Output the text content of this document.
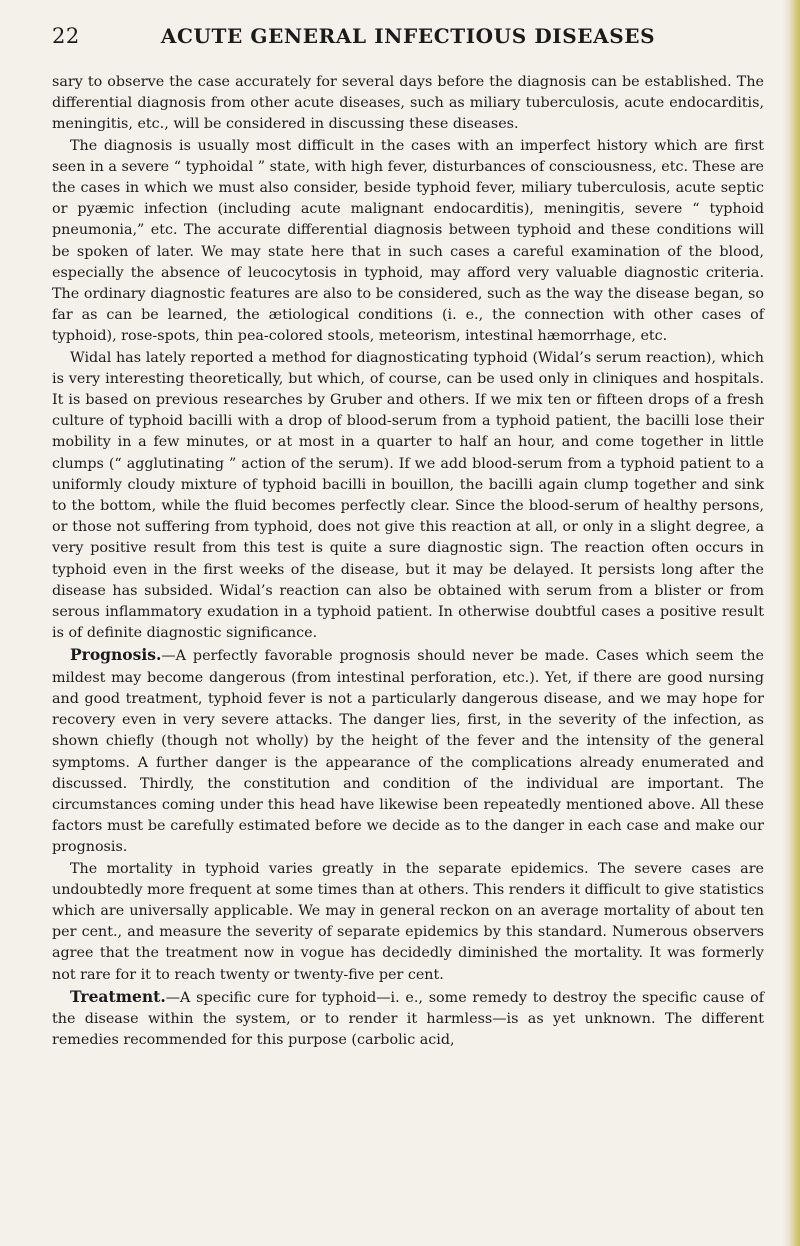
22	ACUTE GENERAL INFECTIOUS DISEASES

sary to observe the case accurately for several days before the diagnosis can be established. The differential diagnosis from other acute diseases, such as miliary tuberculosis, acute endocarditis, meningitis, etc., will be considered in discussing these diseases.

The diagnosis is usually most difficult in the cases with an imperfect history which are first seen in a severe “ typhoidal ” state, with high fever, disturbances of consciousness, etc. These are the cases in which we must also consider, beside typhoid fever, miliary tuberculosis, acute septic or pyæmic infection (including acute malignant endocarditis), meningitis, severe “ typhoid pneumonia,” etc. The accurate differential diagnosis between typhoid and these conditions will be spoken of later. We may state here that in such cases a careful examination of the blood, especially the absence of leucocytosis in typhoid, may afford very valuable diagnostic criteria. The ordinary diagnostic features are also to be considered, such as the way the disease began, so far as can be learned, the ætiological conditions (i. e., the connection with other cases of typhoid), rose-spots, thin pea-colored stools, meteorism, intestinal hæmorrhage, etc.

Widal has lately reported a method for diagnosticating typhoid (Widal’s serum reaction), which is very interesting theoretically, but which, of course, can be used only in cliniques and hospitals. It is based on previous researches by Gruber and others. If we mix ten or fifteen drops of a fresh culture of typhoid bacilli with a drop of blood-serum from a typhoid patient, the bacilli lose their mobility in a few minutes, or at most in a quarter to half an hour, and come together in little clumps (“ agglutinating ” action of the serum). If we add blood-serum from a typhoid patient to a uniformly cloudy mixture of typhoid bacilli in bouillon, the bacilli again clump together and sink to the bottom, while the fluid becomes perfectly clear. Since the blood-serum of healthy persons, or those not suffering from typhoid, does not give this reaction at all, or only in a slight degree, a very positive result from this test is quite a sure diagnostic sign. The reaction often occurs in typhoid even in the first weeks of the disease, but it may be delayed. It persists long after the disease has subsided. Widal’s reaction can also be obtained with serum from a blister or from serous inflammatory exudation in a typhoid patient. In otherwise doubtful cases a positive result is of definite diagnostic significance.

Prognosis.—A perfectly favorable prognosis should never be made. Cases which seem the mildest may become dangerous (from intestinal perforation, etc.). Yet, if there are good nursing and good treatment, typhoid fever is not a particularly dangerous disease, and we may hope for recovery even in very severe attacks. The danger lies, first, in the severity of the infection, as shown chiefly (though not wholly) by the height of the fever and the intensity of the general symptoms. A further danger is the appearance of the complications already enumerated and discussed. Thirdly, the constitution and condition of the individual are important. The circumstances coming under this head have likewise been repeatedly mentioned above. All these factors must be carefully estimated before we decide as to the danger in each case and make our prognosis.

The mortality in typhoid varies greatly in the separate epidemics. The severe cases are undoubtedly more frequent at some times than at others. This renders it difficult to give statistics which are universally applicable. We may in general reckon on an average mortality of about ten per cent., and measure the severity of separate epidemics by this standard. Numerous observers agree that the treatment now in vogue has decidedly diminished the mortality. It was formerly not rare for it to reach twenty or twenty-five per cent.

Treatment.—A specific cure for typhoid—i. e., some remedy to destroy the specific cause of the disease within the system, or to render it harmless—is as yet unknown. The different remedies recommended for this purpose (carbolic acid,
